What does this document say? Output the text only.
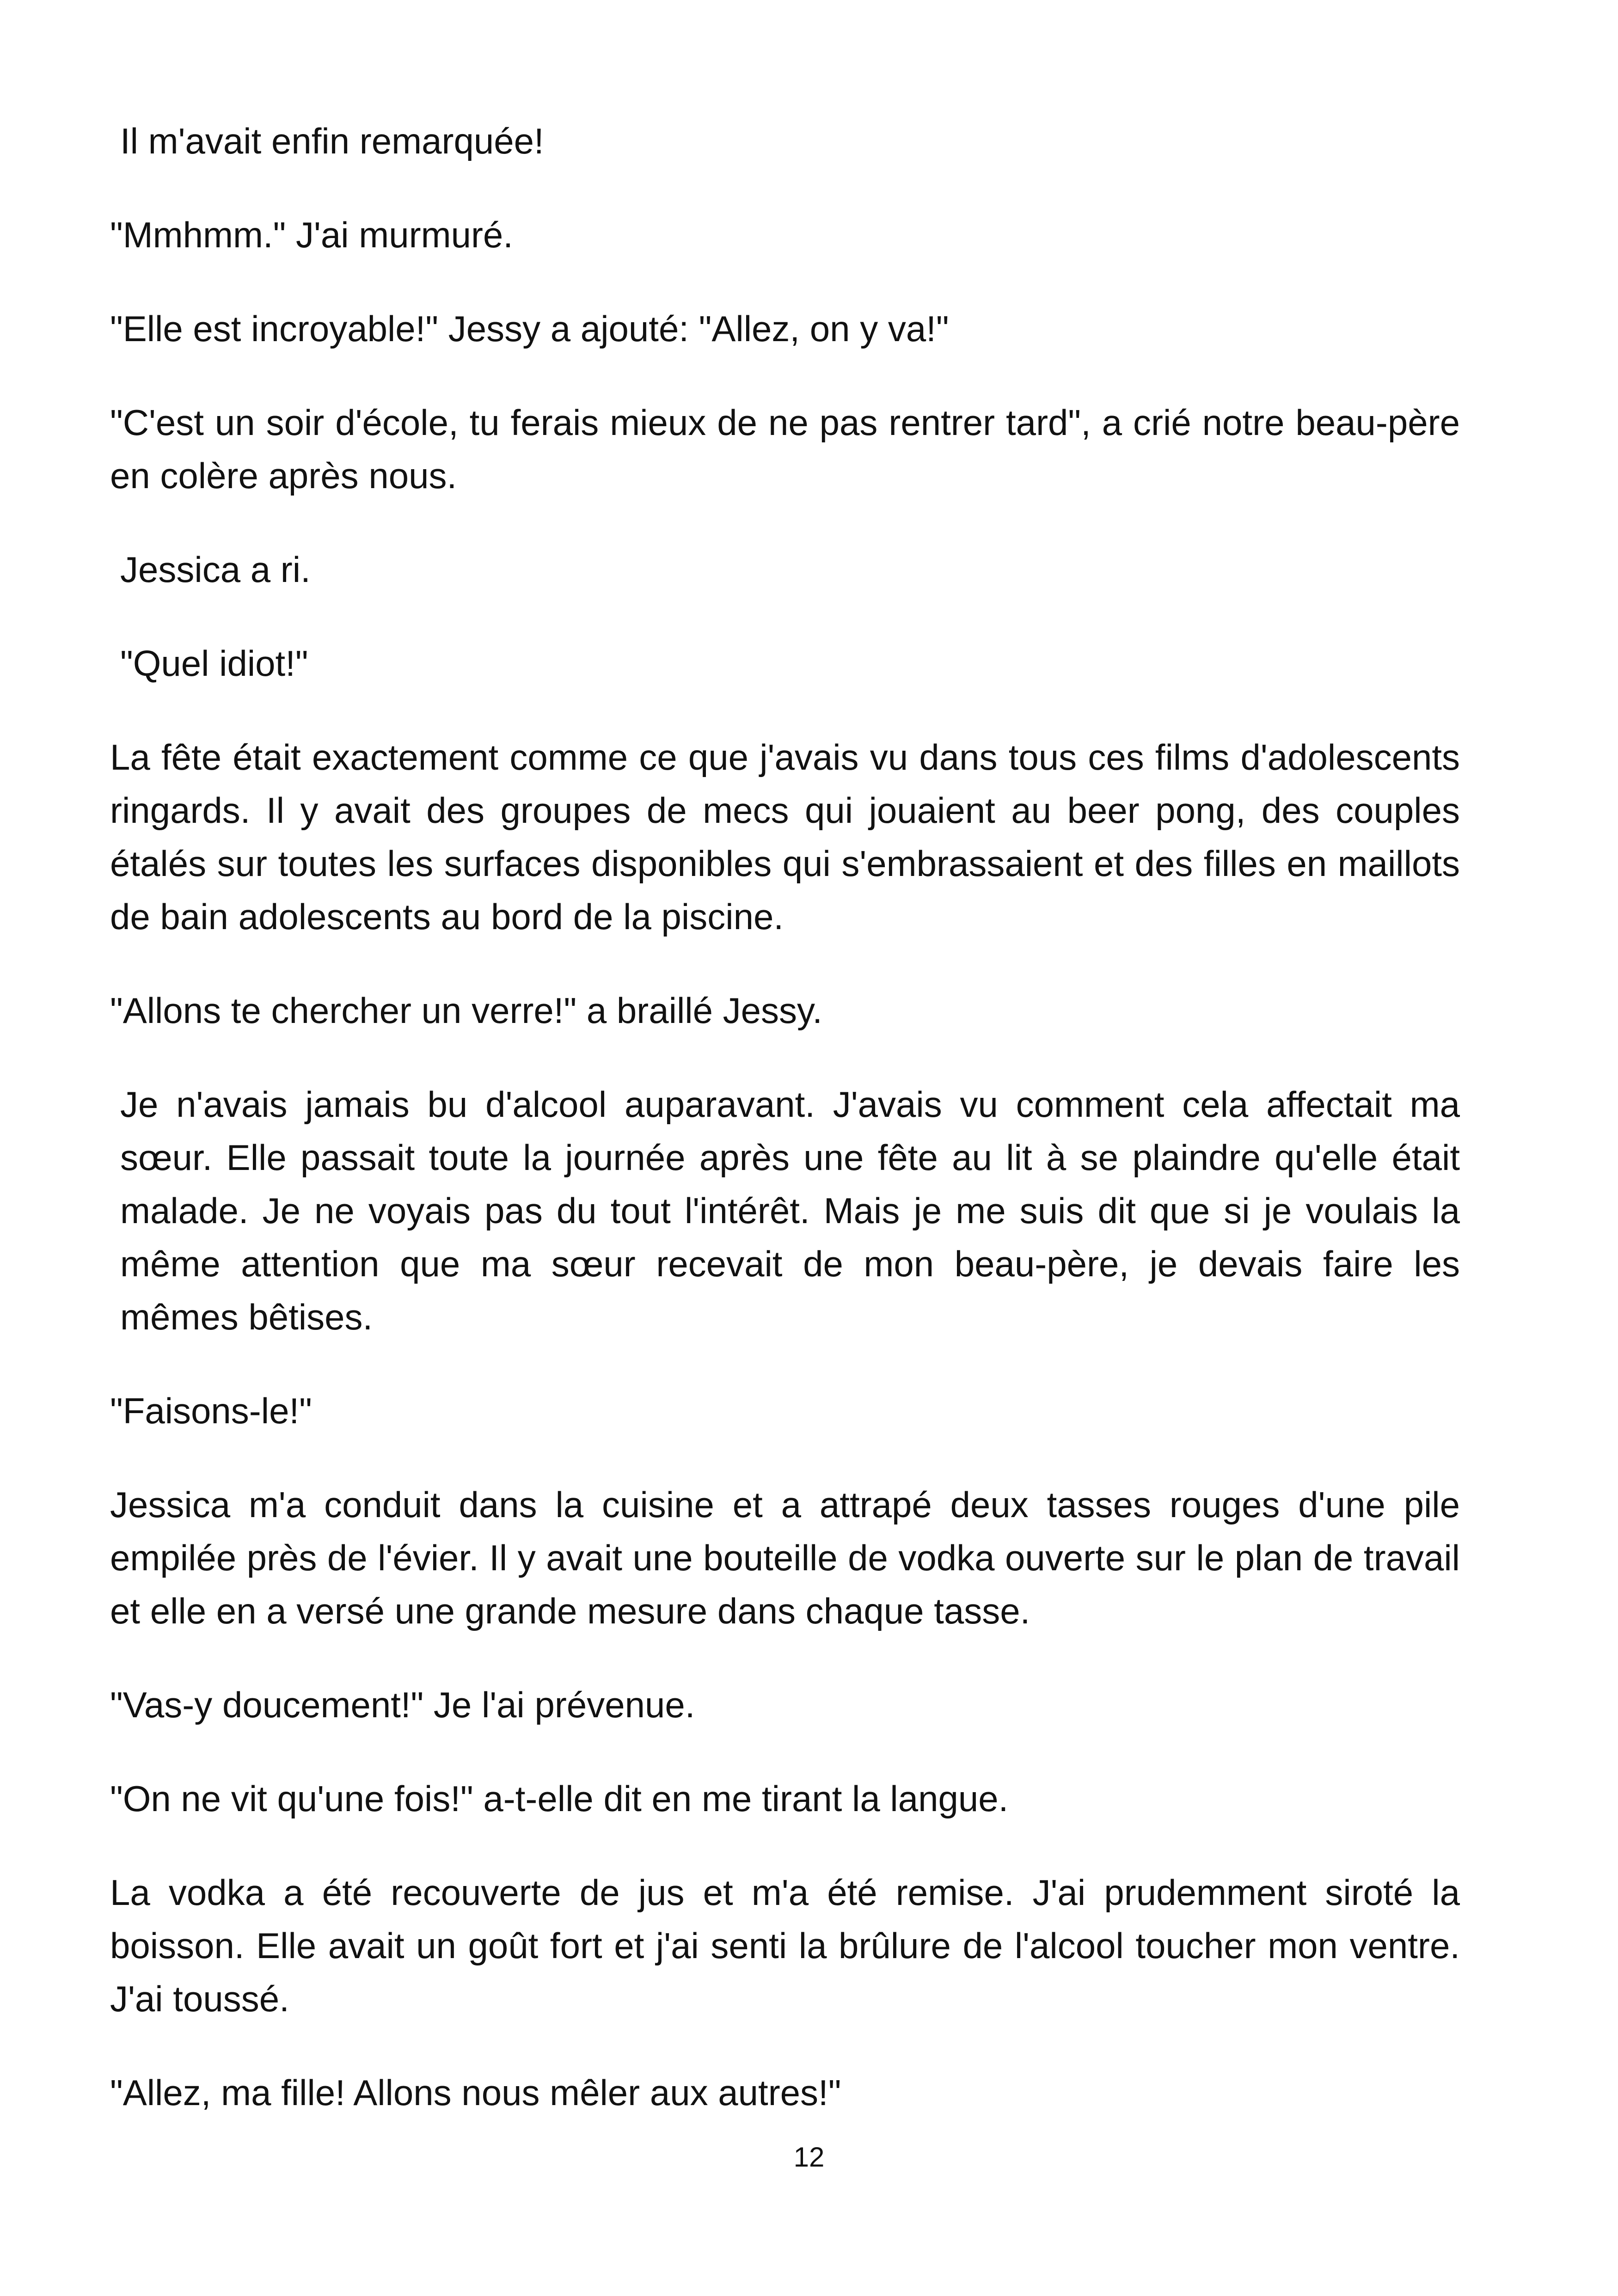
Il m'avait enfin remarquée!

"Mmhmm." J'ai murmuré.

"Elle est incroyable!" Jessy a ajouté: "Allez, on y va!"

"C'est un soir d'école, tu ferais mieux de ne pas rentrer tard", a crié notre beau-père en colère après nous.

Jessica a ri.

"Quel idiot!"

La fête était exactement comme ce que j'avais vu dans tous ces films d'adolescents ringards. Il y avait des groupes de mecs qui jouaient au beer pong, des couples étalés sur toutes les surfaces disponibles qui s'embrassaient et des filles en maillots de bain adolescents au bord de la piscine.

"Allons te chercher un verre!" a braillé Jessy.

Je n'avais jamais bu d'alcool auparavant. J'avais vu comment cela affectait ma sœur. Elle passait toute la journée après une fête au lit à se plaindre qu'elle était malade. Je ne voyais pas du tout l'intérêt. Mais je me suis dit que si je voulais la même attention que ma sœur recevait de mon beau-père, je devais faire les mêmes bêtises.

"Faisons-le!"

Jessica m'a conduit dans la cuisine et a attrapé deux tasses rouges d'une pile empilée près de l'évier. Il y avait une bouteille de vodka ouverte sur le plan de travail et elle en a versé une grande mesure dans chaque tasse.

"Vas-y doucement!" Je l'ai prévenue.

"On ne vit qu'une fois!" a-t-elle dit en me tirant la langue.

La vodka a été recouverte de jus et m'a été remise. J'ai prudemment siroté la boisson. Elle avait un goût fort et j'ai senti la brûlure de l'alcool toucher mon ventre. J'ai toussé.

"Allez, ma fille! Allons nous mêler aux autres!"

12
